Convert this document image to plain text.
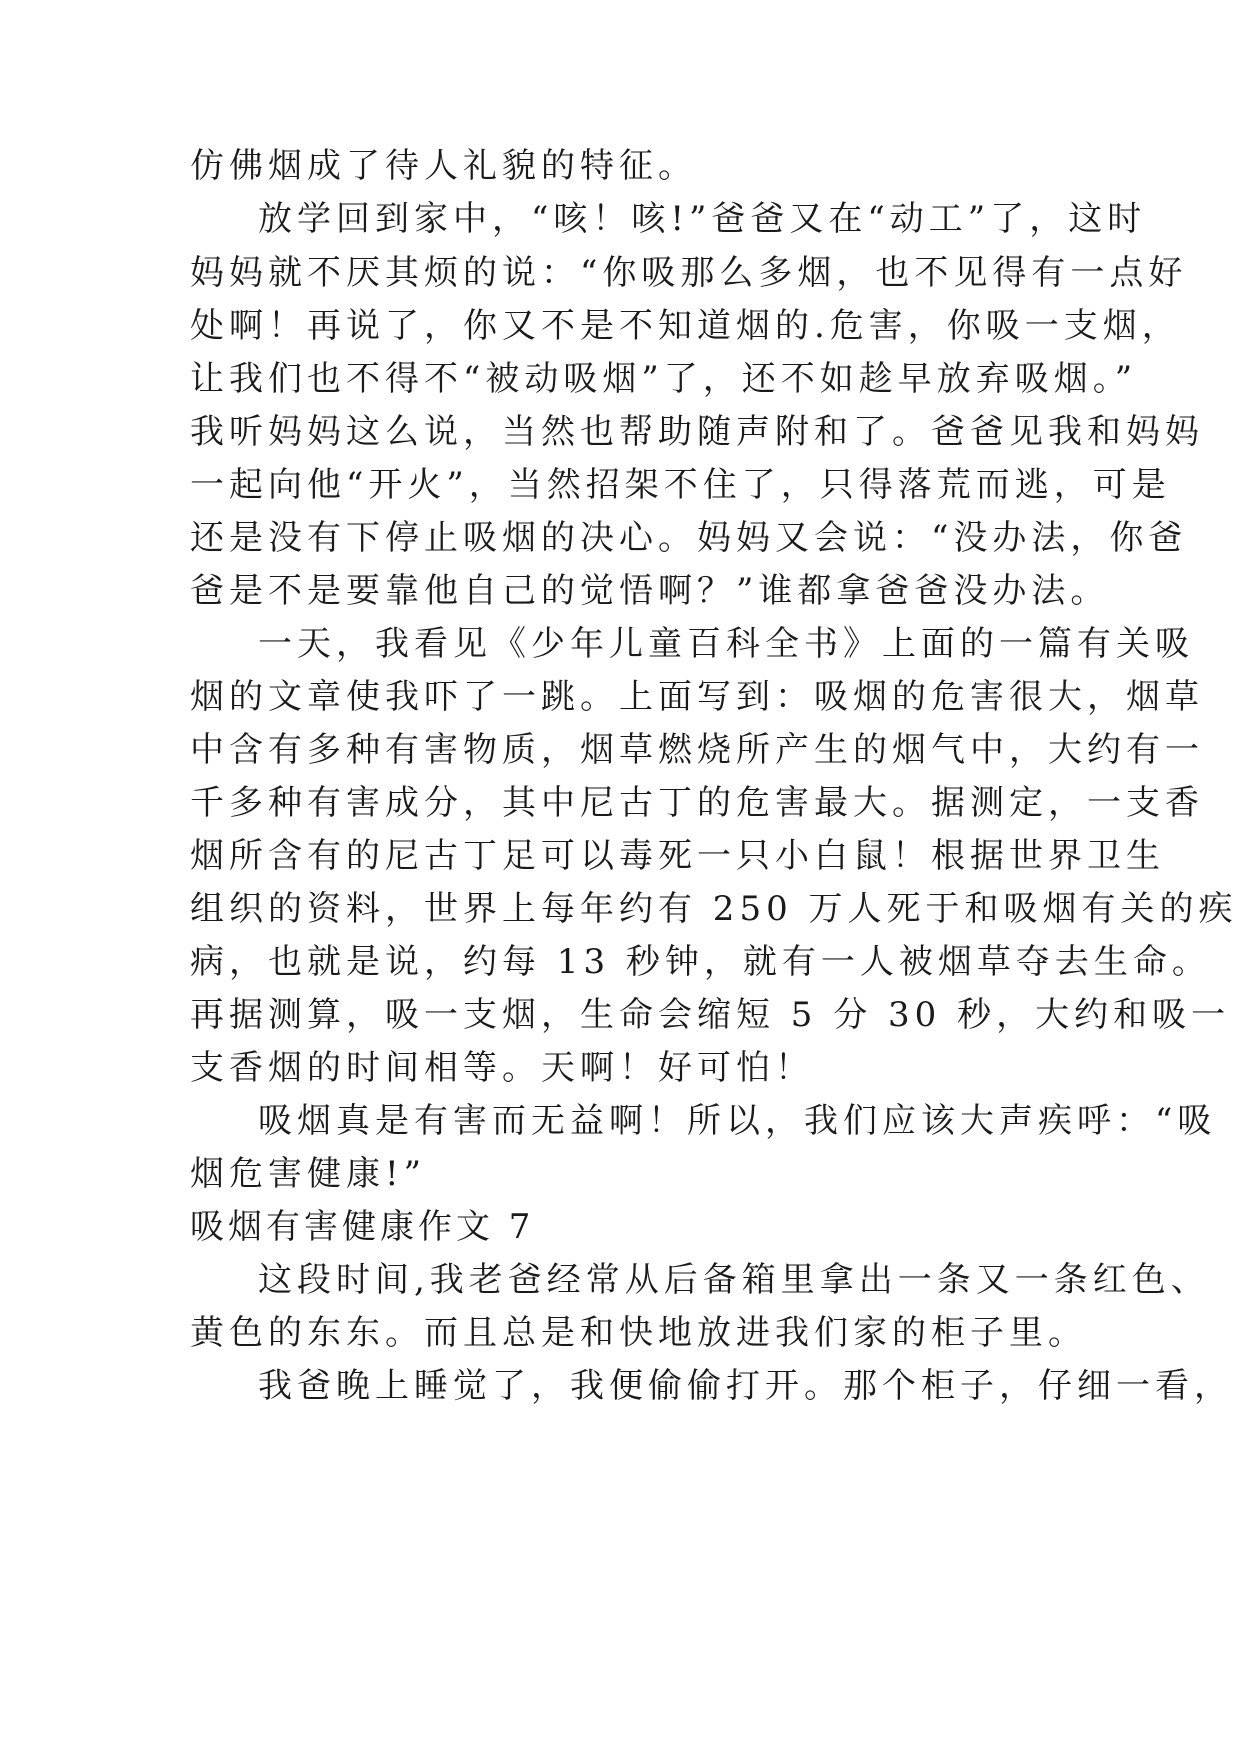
仿佛烟成了待人礼貌的特征。
放学回到家中，“咳！咳!”爸爸又在“动工”了，这时
妈妈就不厌其烦的说：“你吸那么多烟，也不见得有一点好
处啊！再说了，你又不是不知道烟的.危害，你吸一支烟，
让我们也不得不“被动吸烟”了，还不如趁早放弃吸烟。”
我听妈妈这么说，当然也帮助随声附和了。爸爸见我和妈妈
一起向他“开火”，当然招架不住了，只得落荒而逃，可是
还是没有下停止吸烟的决心。妈妈又会说：“没办法，你爸
爸是不是要靠他自己的觉悟啊？”谁都拿爸爸没办法。
一天，我看见《少年儿童百科全书》上面的一篇有关吸
烟的文章使我吓了一跳。上面写到：吸烟的危害很大，烟草
中含有多种有害物质，烟草燃烧所产生的烟气中，大约有一
千多种有害成分，其中尼古丁的危害最大。据测定，一支香
烟所含有的尼古丁足可以毒死一只小白鼠！根据世界卫生
组织的资料，世界上每年约有 250 万人死于和吸烟有关的疾
病，也就是说，约每 13 秒钟，就有一人被烟草夺去生命。
再据测算，吸一支烟，生命会缩短 5 分 30 秒，大约和吸一
支香烟的时间相等。天啊！好可怕！
吸烟真是有害而无益啊！所以，我们应该大声疾呼：“吸
烟危害健康!”
吸烟有害健康作文 7
这段时间,我老爸经常从后备箱里拿出一条又一条红色、
黄色的东东。而且总是和快地放进我们家的柜子里。
我爸晚上睡觉了，我便偷偷打开。那个柜子，仔细一看，
